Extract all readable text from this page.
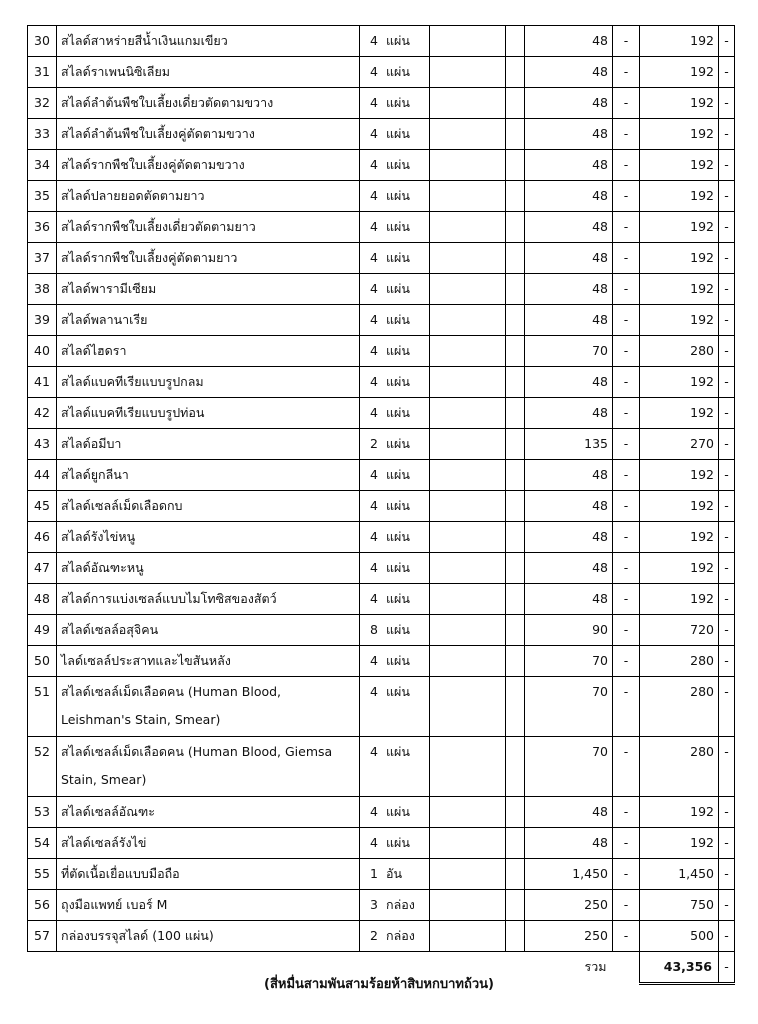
30	สไลด์สาหร่ายสีน้ำเงินแกมเขียว	4 แผ่น			48	-	192	-
31	สไลด์ราเพนนิซิเลียม	4 แผ่น			48	-	192	-
32	สไลด์ลำต้นพืชใบเลี้ยงเดี่ยวตัดตามขวาง	4 แผ่น			48	-	192	-
33	สไลด์ลำต้นพืชใบเลี้ยงคู่ตัดตามขวาง	4 แผ่น			48	-	192	-
34	สไลด์รากพืชใบเลี้ยงคู่ตัดตามขวาง	4 แผ่น			48	-	192	-
35	สไลด์ปลายยอดตัดตามยาว	4 แผ่น			48	-	192	-
36	สไลด์รากพืชใบเลี้ยงเดี่ยวตัดตามยาว	4 แผ่น			48	-	192	-
37	สไลด์รากพืชใบเลี้ยงคู่ตัดตามยาว	4 แผ่น			48	-	192	-
38	สไลด์พารามีเซียม	4 แผ่น			48	-	192	-
39	สไลด์พลานาเรีย	4 แผ่น			48	-	192	-
40	สไลด์ไฮดรา	4 แผ่น			70	-	280	-
41	สไลด์แบคทีเรียแบบรูปกลม	4 แผ่น			48	-	192	-
42	สไลด์แบคทีเรียแบบรูปท่อน	4 แผ่น			48	-	192	-
43	สไลด์อมีบา	2 แผ่น			135	-	270	-
44	สไลด์ยูกลีนา	4 แผ่น			48	-	192	-
45	สไลด์เซลล์เม็ดเลือดกบ	4 แผ่น			48	-	192	-
46	สไลด์รังไข่หนู	4 แผ่น			48	-	192	-
47	สไลด์อัณฑะหนู	4 แผ่น			48	-	192	-
48	สไลด์การแบ่งเซลล์แบบไมโทซิสของสัตว์	4 แผ่น			48	-	192	-
49	สไลด์เซลล์อสุจิคน	8 แผ่น			90	-	720	-
50	ไลด์เซลล์ประสาทและไขสันหลัง	4 แผ่น			70	-	280	-
51	สไลด์เซลล์เม็ดเลือดคน (Human Blood, Leishman's Stain, Smear)	4 แผ่น			70	-	280	-
52	สไลด์เซลล์เม็ดเลือดคน (Human Blood, Giemsa Stain, Smear)	4 แผ่น			70	-	280	-
53	สไลด์เซลล์อัณฑะ	4 แผ่น			48	-	192	-
54	สไลด์เซลล์รังไข่	4 แผ่น			48	-	192	-
55	ที่ตัดเนื้อเยื่อแบบมือถือ	1 อัน			1,450	-	1,450	-
56	ถุงมือแพทย์ เบอร์ M	3 กล่อง			250	-	750	-
57	กล่องบรรจุสไลด์ (100 แผ่น)	2 กล่อง			250	-	500	-
รวม							43,356	-
(สี่หมื่นสามพันสามร้อยห้าสิบหกบาทถ้วน)
